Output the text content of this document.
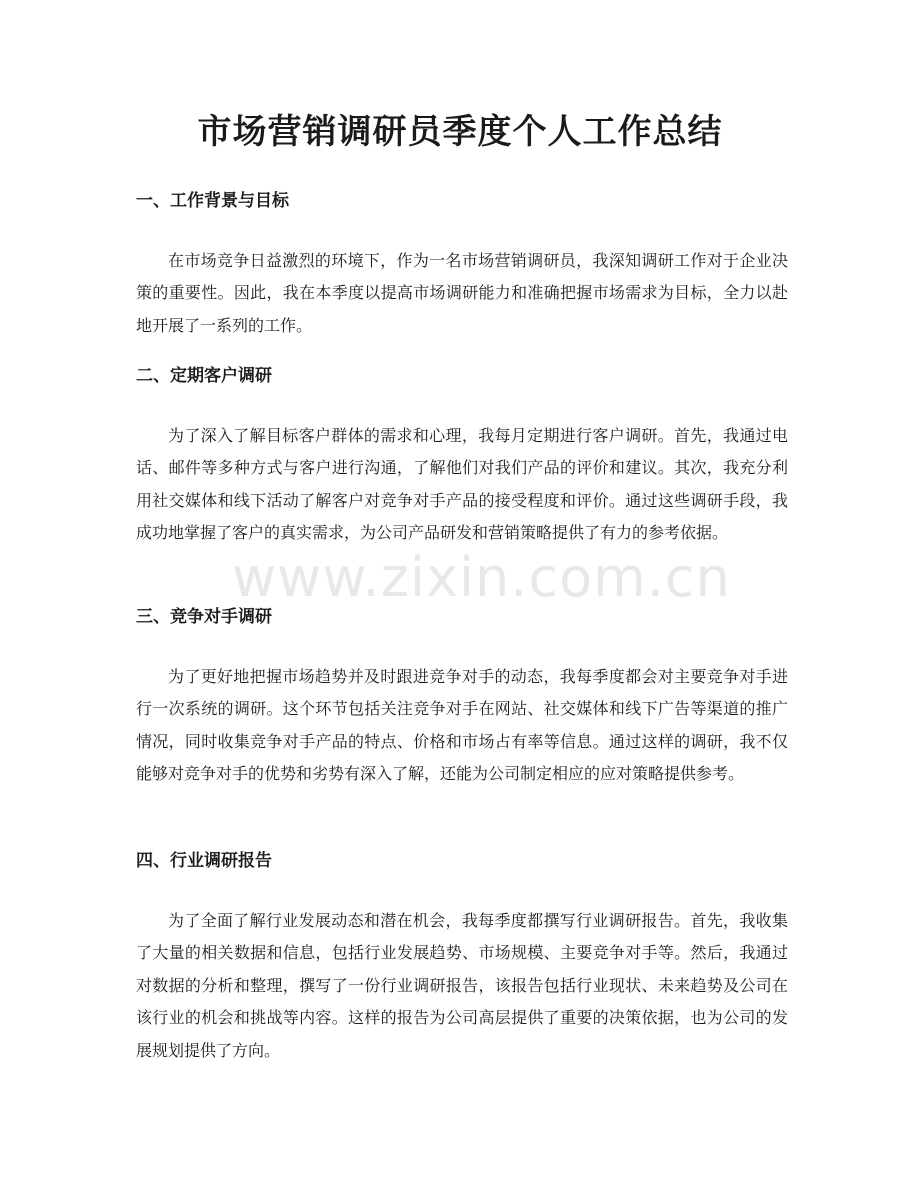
市场营销调研员季度个人工作总结
一、工作背景与目标

在市场竞争日益激烈的环境下，作为一名市场营销调研员，我深知调研工作对于企业决策的重要性。因此，我在本季度以提高市场调研能力和准确把握市场需求为目标，全力以赴地开展了一系列的工作。

二、定期客户调研

为了深入了解目标客户群体的需求和心理，我每月定期进行客户调研。首先，我通过电话、邮件等多种方式与客户进行沟通，了解他们对我们产品的评价和建议。其次，我充分利用社交媒体和线下活动了解客户对竞争对手产品的接受程度和评价。通过这些调研手段，我成功地掌握了客户的真实需求，为公司产品研发和营销策略提供了有力的参考依据。

三、竞争对手调研

为了更好地把握市场趋势并及时跟进竞争对手的动态，我每季度都会对主要竞争对手进行一次系统的调研。这个环节包括关注竞争对手在网站、社交媒体和线下广告等渠道的推广情况，同时收集竞争对手产品的特点、价格和市场占有率等信息。通过这样的调研，我不仅能够对竞争对手的优势和劣势有深入了解，还能为公司制定相应的应对策略提供参考。

四、行业调研报告

为了全面了解行业发展动态和潜在机会，我每季度都撰写行业调研报告。首先，我收集了大量的相关数据和信息，包括行业发展趋势、市场规模、主要竞争对手等。然后，我通过对数据的分析和整理，撰写了一份行业调研报告，该报告包括行业现状、未来趋势及公司在该行业的机会和挑战等内容。这样的报告为公司高层提供了重要的决策依据，也为公司的发展规划提供了方向。

www.zixin.com.cn
